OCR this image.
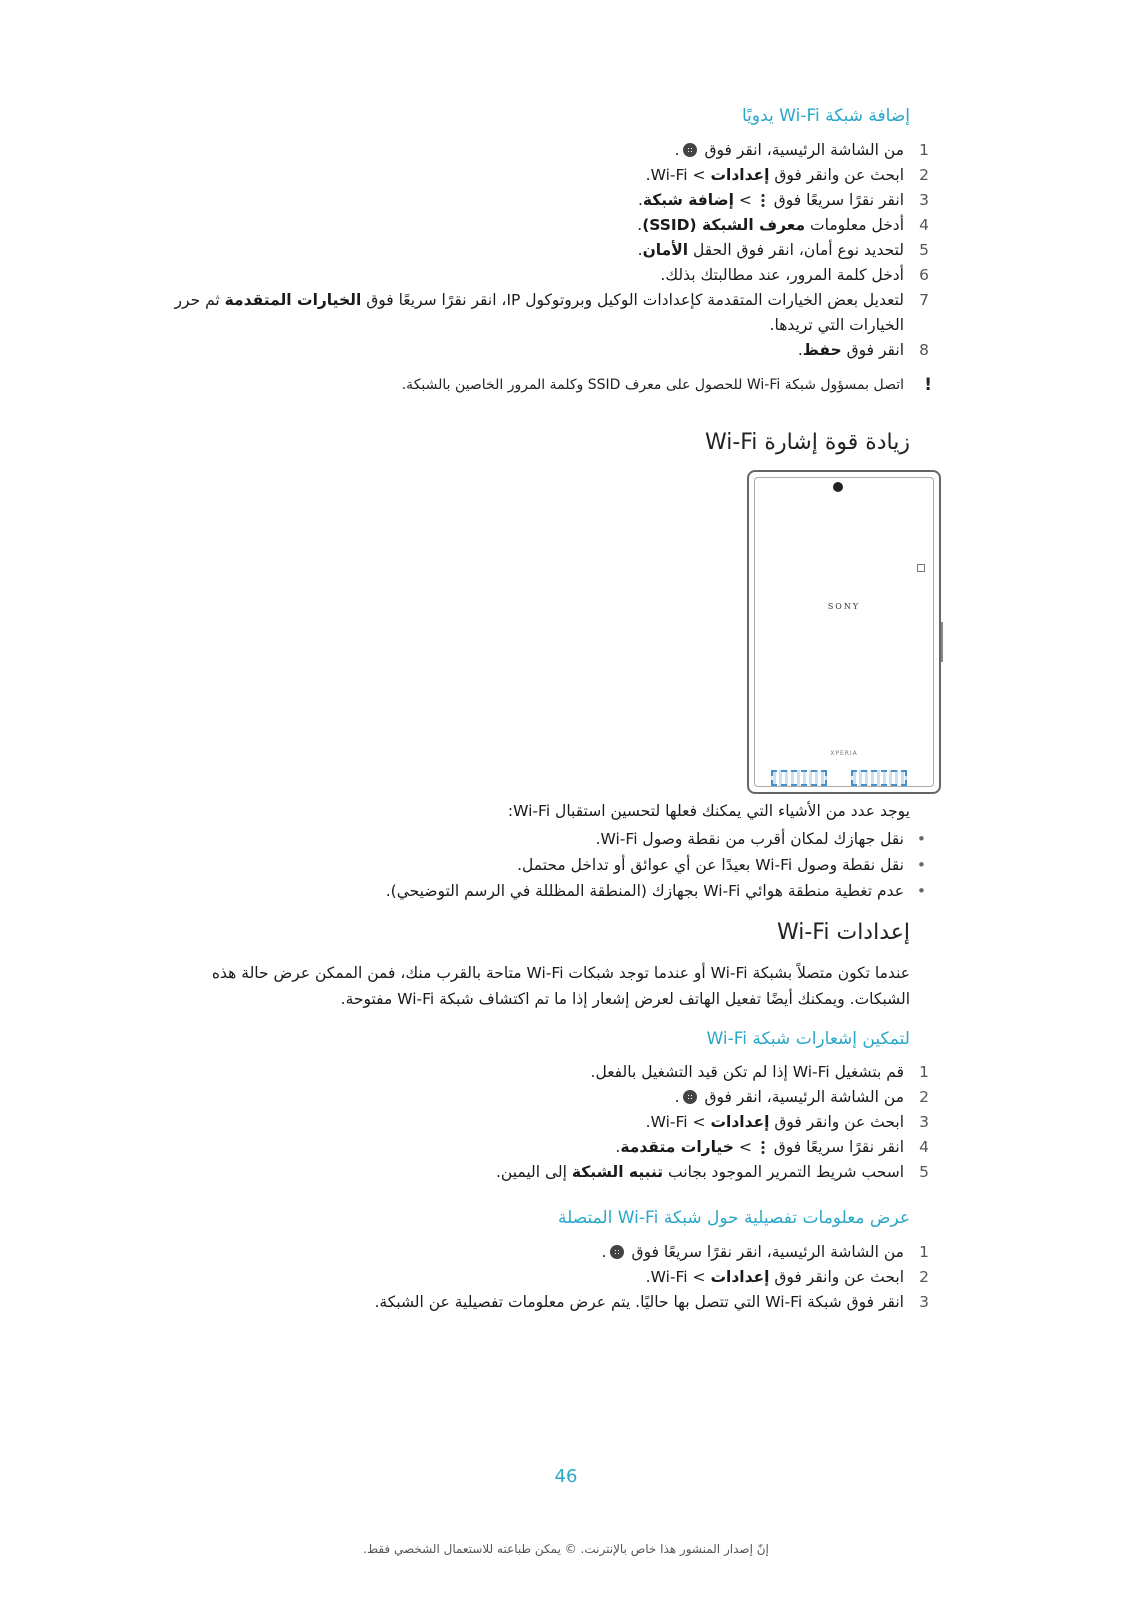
إضافة شبكة Wi-Fi يدويًا
1
من الشاشة الرئيسية، انقر فوق .
2
ابحث عن وانقر فوق إعدادات > Wi-Fi.
3
انقر نقرًا سريعًا فوق  > إضافة شبكة.
4
أدخل معلومات معرف الشبكة (SSID).
5
لتحديد نوع أمان، انقر فوق الحقل الأمان.
6
أدخل كلمة المرور، عند مطالبتك بذلك.
7
لتعديل بعض الخيارات المتقدمة كإعدادات الوكيل وبروتوكول IP، انقر نقرًا سريعًا فوق الخيارات المتقدمة ثم حرر الخيارات التي تريدها.
8
انقر فوق حفظ.
!
اتصل بمسؤول شبكة Wi-Fi للحصول على معرف SSID وكلمة المرور الخاصين بالشبكة.
زيادة قوة إشارة Wi-Fi
SONY
XPERIA
يوجد عدد من الأشياء التي يمكنك فعلها لتحسين استقبال Wi-Fi:
•
نقل جهازك لمكان أقرب من نقطة وصول Wi-Fi.
•
نقل نقطة وصول Wi-Fi بعيدًا عن أي عوائق أو تداخل محتمل.
•
عدم تغطية منطقة هوائي Wi-Fi بجهازك (المنطقة المظللة في الرسم التوضيحي).
إعدادات Wi-Fi
عندما تكون متصلاً بشبكة Wi-Fi أو عندما توجد شبكات Wi-Fi متاحة بالقرب منك، فمن الممكن عرض حالة هذه الشبكات. ويمكنك أيضًا تفعيل الهاتف لعرض إشعار إذا ما تم اكتشاف شبكة Wi-Fi مفتوحة.
لتمكين إشعارات شبكة Wi-Fi
1
قم بتشغيل Wi-Fi إذا لم تكن قيد التشغيل بالفعل.
2
من الشاشة الرئيسية، انقر فوق .
3
ابحث عن وانقر فوق إعدادات > Wi-Fi.
4
انقر نقرًا سريعًا فوق  > خيارات متقدمة.
5
اسحب شريط التمرير الموجود بجانب تنبيه الشبكة إلى اليمين.
عرض معلومات تفصيلية حول شبكة Wi-Fi المتصلة
1
من الشاشة الرئيسية، انقر نقرًا سريعًا فوق .
2
ابحث عن وانقر فوق إعدادات > Wi-Fi.
3
انقر فوق شبكة Wi-Fi التي تتصل بها حاليًا. يتم عرض معلومات تفصيلية عن الشبكة.
46
إنّ إصدار المنشور هذا خاص بالإنترنت. © يمكن طباعته للاستعمال الشخصي فقط.
